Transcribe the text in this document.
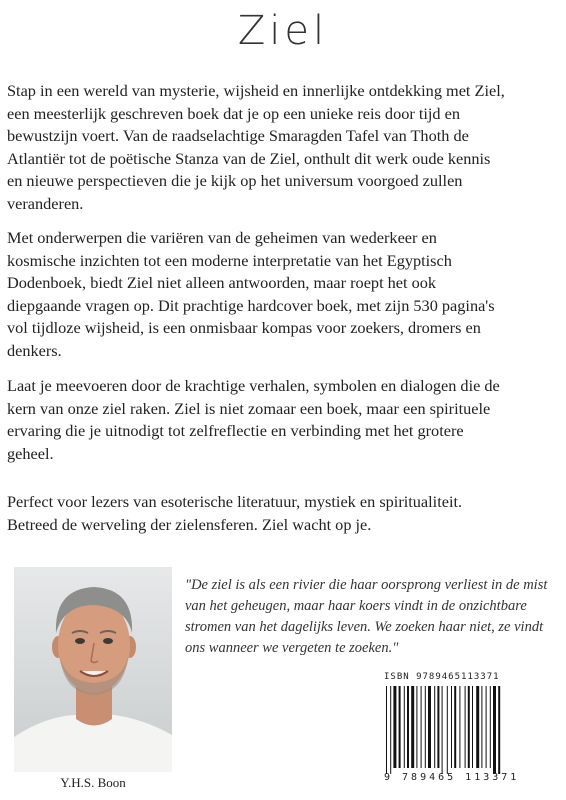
Ziel
Stap in een wereld van mysterie, wijsheid en innerlijke ontdekking met Ziel, een meesterlijk geschreven boek dat je op een unieke reis door tijd en bewustzijn voert. Van de raadselachtige Smaragden Tafel van Thoth de Atlantiër tot de poëtische Stanza van de Ziel, onthult dit werk oude kennis en nieuwe perspectieven die je kijk op het universum voorgoed zullen veranderen.
Met onderwerpen die variëren van de geheimen van wederkeer en kosmische inzichten tot een moderne interpretatie van het Egyptisch Dodenboek, biedt Ziel niet alleen antwoorden, maar roept het ook diepgaande vragen op. Dit prachtige hardcover boek, met zijn 530 pagina's vol tijdloze wijsheid, is een onmisbaar kompas voor zoekers, dromers en denkers.
Laat je meevoeren door de krachtige verhalen, symbolen en dialogen die de kern van onze ziel raken. Ziel is niet zomaar een boek, maar een spirituele ervaring die je uitnodigt tot zelfreflectie en verbinding met het grotere geheel.
Perfect voor lezers van esoterische literatuur, mystiek en spiritualiteit. Betreed de werveling der zielensferen. Ziel wacht op je.
Y.H.S. Boon
"De ziel is als een rivier die haar oorsprong verliest in de mist van het geheugen, maar haar koers vindt in de onzichtbare stromen van het dagelijks leven. We zoeken haar niet, ze vindt ons wanneer we vergeten te zoeken."
ISBN 9789465113371
9 789465 113371
